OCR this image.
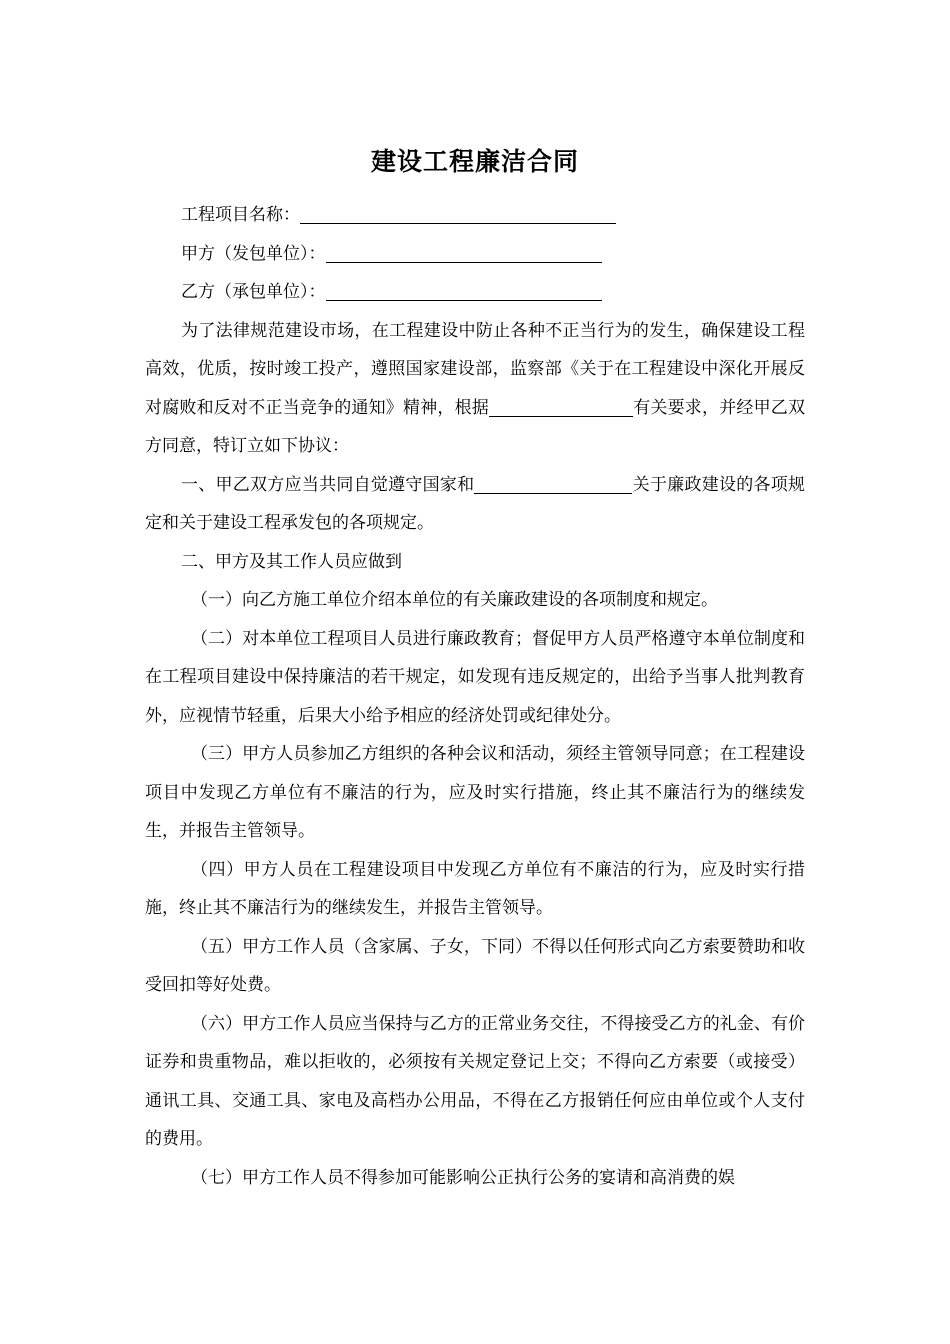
建设工程廉洁合同
工程项目名称：
甲方（发包单位）：
乙方（承包单位）：

为了法律规范建设市场，在工程建设中防止各种不正当行为的发生，确保建设工程高效，优质，按时竣工投产，遵照国家建设部，监察部《关于在工程建设中深化开展反对腐败和反对不正当竞争的通知》精神，根据	有关要求，并经甲乙双方同意，特订立如下协议：

一、甲乙双方应当共同自觉遵守国家和	关于廉政建设的各项规定和关于建设工程承发包的各项规定。

二、甲方及其工作人员应做到

（一）向乙方施工单位介绍本单位的有关廉政建设的各项制度和规定。

（二）对本单位工程项目人员进行廉政教育；督促甲方人员严格遵守本单位制度和在工程项目建设中保持廉洁的若干规定，如发现有违反规定的，出给予当事人批判教育外，应视情节轻重，后果大小给予相应的经济处罚或纪律处分。

（三）甲方人员参加乙方组织的各种会议和活动，须经主管领导同意；在工程建设项目中发现乙方单位有不廉洁的行为，应及时实行措施，终止其不廉洁行为的继续发生，并报告主管领导。

（四）甲方人员在工程建设项目中发现乙方单位有不廉洁的行为，应及时实行措施，终止其不廉洁行为的继续发生，并报告主管领导。

（五）甲方工作人员（含家属、子女，下同）不得以任何形式向乙方索要赞助和收受回扣等好处费。

（六）甲方工作人员应当保持与乙方的正常业务交往，不得接受乙方的礼金、有价证券和贵重物品，难以拒收的，必须按有关规定登记上交；不得向乙方索要（或接受）通讯工具、交通工具、家电及高档办公用品，不得在乙方报销任何应由单位或个人支付的费用。

（七）甲方工作人员不得参加可能影响公正执行公务的宴请和高消费的娱
